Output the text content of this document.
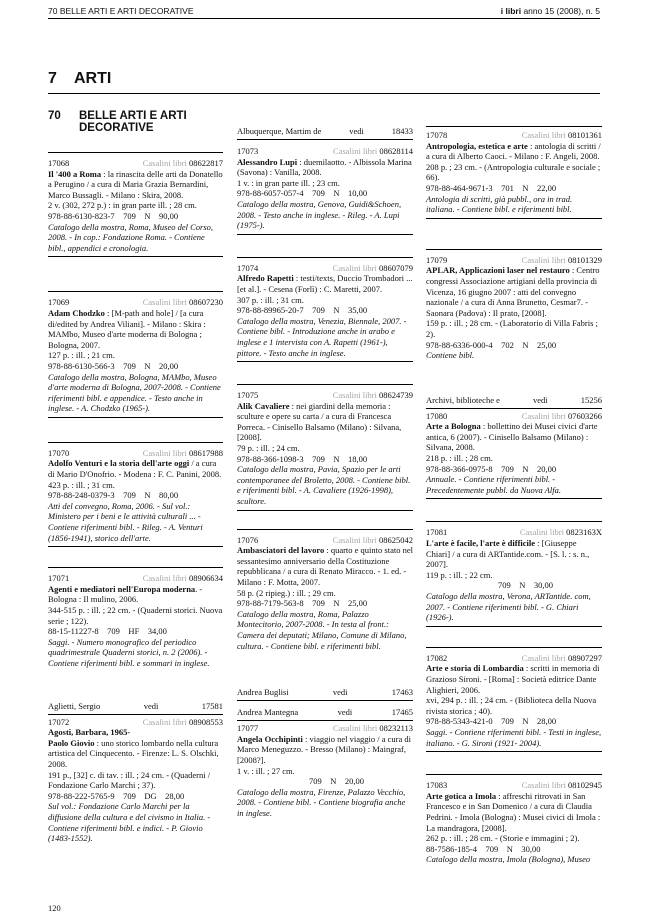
70 BELLE ARTI E ARTI DECORATIVE	i libri anno 15 (2008), n. 5
7 ARTI
70 BELLE ARTI E ARTI DECORATIVE
17068	Casalini libri 08622817

Il '400 a Roma : la rinascita delle arti da Donatello a Perugino / a cura di Maria Grazia Bernardini, Marco Bussagli. - Milano : Skira, 2008.

2 v. (302, 272 p.) : in gran parte ill. ; 28 cm.

978-88-6130-823-7    709    N    90,00

Catalogo della mostra, Roma, Museo del Corso, 2008. - In cop.: Fondazione Roma. - Contiene bibl., appendici e cronologia.

17069	Casalini libri 08607230

Adam Chodzko : [M-path and hole] / [a cura di/edited by Andrea Viliani]. - Milano : Skira : MAMbo, Museo d'arte moderna di Bologna ; Bologna, 2007.

127 p. : ill. ; 21 cm.

978-88-6130-566-3    709    N    20,00

Catalogo della mostra, Bologna, MAMbo, Museo d'arte moderna di Bologna, 2007-2008. - Contiene riferimenti bibl. e appendice. - Testo anche in inglese. - A. Chodzko (1965-).

17070	Casalini libri 08617988

Adolfo Venturi e la storia dell'arte oggi / a cura di Mario D'Onofrio. - Modena : F. C. Panini, 2008.

423 p. : ill. ; 31 cm.

978-88-248-0379-3    709    N    80,00

Atti del convegno, Roma, 2006. - Sul vol.: Ministero per i beni e le attività culturali ... - Contiene riferimenti bibl. - Rileg. - A. Venturi (1856-1941), storico dell'arte.

17071	Casalini libri 08906634

Agenti e mediatori nell'Europa moderna. - Bologna : Il mulino, 2006.

344-515 p. : ill. ; 22 cm. - (Quaderni storici. Nuova serie ; 122).

88-15-11227-8    709    HF    34,00

Saggi. - Numero monografico del periodico quadrimestrale Quaderni storici, n. 2 (2006). - Contiene riferimenti bibl. e sommari in inglese.

Aglietti, Sergio	vedi	17581
17072	Casalini libri 08908553

Agosti, Barbara, 1965-

Paolo Giovio : uno storico lombardo nella cultura artistica del Cinquecento. - Firenze: L. S. Olschki, 2008.

191 p., [32] c. di tav. : ill. ; 24 cm. - (Quaderni / Fondazione Carlo Marchi ; 37).

978-88-222-5765-9    709    DG    28,00

Sul vol.: Fondazione Carlo Marchi per la diffusione della cultura e del civismo in Italia. - Contiene riferimenti bibl. e indici. - P. Giovio (1483-1552).

Albuquerque, Martim de	vedi	18433
17073	Casalini libri 08628114

Alessandro Lupi : duemilaotto. - Albissola Marina (Savona) : Vanilla, 2008.

1 v. : in gran parte ill. ; 23 cm.

978-88-6057-057-4    709    N    10,00

Catalogo della mostra, Genova, Guidi&Schoen, 2008. - Testo anche in inglese. - Rileg. - A. Lupi (1975-).

17074	Casalini libri 08607079

Alfredo Rapetti : testi/texts, Duccio Trombadori ... [et al.]. - Cesena (Forlì) : C. Maretti, 2007.

307 p. : ill. ; 31 cm.

978-88-89965-20-7    709    N    35,00

Catalogo della mostra, Venezia, Biennale, 2007. - Contiene bibl. - Introduzione anche in arabo e inglese e 1 intervista con A. Rapetti (1961-), pittore. - Testo anche in inglese.

17075	Casalini libri 08624739

Alik Cavaliere : nei giardini della memoria : sculture e opere su carta / a cura di Francesca Porreca. - Cinisello Balsamo (Milano) : Silvana, [2008].

79 p. : ill. ; 24 cm.

978-88-366-1098-3    709    N    18,00

Catalogo della mostra, Pavia, Spazio per le arti contemporanee del Broletto, 2008. - Contiene bibl. e riferimenti bibl. - A. Cavaliere (1926-1998), scultore.

17076	Casalini libri 08625042

Ambasciatori del lavoro : quarto e quinto stato nel sessantesimo anniversario della Costituzione repubblicana / a cura di Renato Miracco. - 1. ed. - Milano : F. Motta, 2007.

58 p. (2 ripieg.) : ill. ; 29 cm.

978-88-7179-563-8    709    N    25,00

Catalogo della mostra, Roma, Palazzo Montecitorio, 2007-2008. - In testa al front.: Camera dei deputati; Milano, Comune di Milano, cultura. - Contiene bibl. e riferimenti bibl.

Andrea Buglisi	vedi	17463
Andrea Mantegna	vedi	17465
17077	Casalini libri 08232113

Angela Occhipinti : viaggio nel viaggio / a cura di Marco Meneguzzo. - Bresso (Milano) : Maingraf, [2008?].

1 v. : ill. ; 27 cm.

709    N    20,00

Catalogo della mostra, Firenze, Palazzo Vecchio, 2008. - Contiene bibl. - Contiene biografia anche in inglese.

17078	Casalini libri 08101361

Antropologia, estetica e arte : antologia di scritti / a cura di Alberto Caoci. - Milano : F. Angeli, 2008.

208 p. ; 23 cm. - (Antropologia culturale e sociale ; 66).

978-88-464-9671-3    701    N    22,00

Antologia di scritti, già pubbl., ora in trad. italiana. - Contiene bibl. e riferimenti bibl.

17079	Casalini libri 08101329

APLAR, Applicazioni laser nel restauro : Centro congressi Associazione artigiani della provincia di Vicenza, 16 giugno 2007 : atti del convegno nazionale / a cura di Anna Brunetto, Cesmar7. - Saonara (Padova) : Il prato, [2008].

159 p. : ill. ; 28 cm. - (Laboratorio di Villa Fabris ; 2).

978-88-6336-000-4    702    N    25,00

Contiene bibl.

Archivi, biblioteche e	vedi	15256
17080	Casalini libri 07603266

Arte a Bologna : bollettino dei Musei civici d'arte antica, 6 (2007). - Cinisello Balsamo (Milano) : Silvana, 2008.

218 p. : ill. ; 28 cm.

978-88-366-0975-8    709    N    20,00

Annuale. - Contiene riferimenti bibl. - Precedentemente pubbl. da Nuova Alfa.

17081	Casalini libri 0823163X

L'arte è facile, l'arte è difficile : [Giuseppe Chiari] / a cura di ARTantide.com. - [S. l. : s. n., 2007].

119 p. : ill. ; 22 cm.

709    N    30,00

Catalogo della mostra, Verona, ARTantide. com, 2007. - Contiene riferimenti bibl. - G. Chiari (1926-).

17082	Casalini libri 08907297

Arte e storia di Lombardia : scritti in memoria di Grazioso Sironi. - [Roma] : Società editrice Dante Alighieri, 2006.

xvi, 294 p. : ill. ; 24 cm. - (Biblioteca della Nuova rivista storica ; 40).

978-88-5343-421-0    709    N    28,00

Saggi. - Contiene riferimenti bibl. - Testi in inglese, italiano. - G. Sironi (1921- 2004).

17083	Casalini libri 08102945

Arte gotica a Imola : affreschi ritrovati in San Francesco e in San Domenico / a cura di Claudia Pedrini. - Imola (Bologna) : Musei civici di Imola : La mandragora, [2008].

262 p. : ill. ; 28 cm. - (Storie e immagini ; 2).

88-7586-185-4    709    N    30,00

Catalogo della mostra, Imola (Bologna), Museo

120
